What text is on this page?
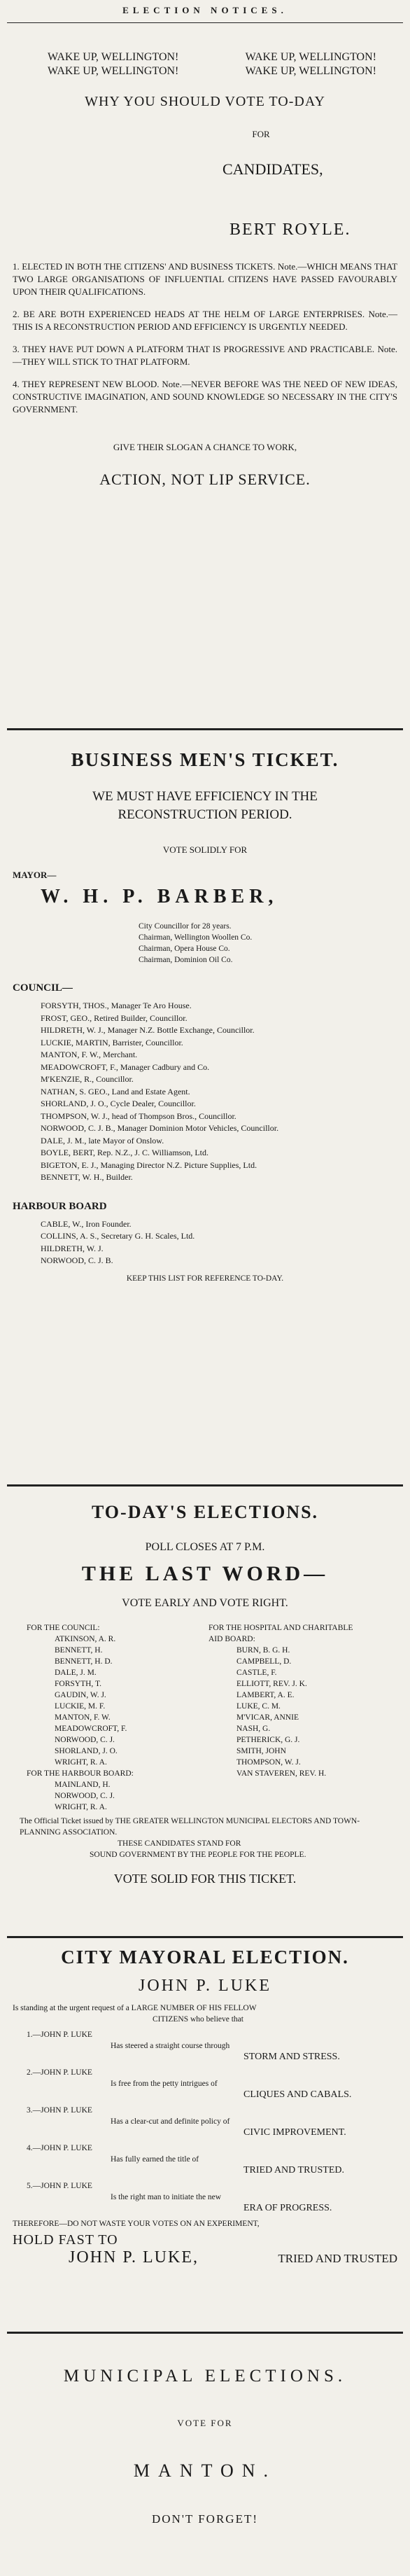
ELECTION NOTICES.

WAKE UP, WELLINGTON!

WAKE UP, WELLINGTON!

WAKE UP, WELLINGTON!

WAKE UP, WELLINGTON!

WHY YOU SHOULD VOTE TO-DAY

FOR

CANDIDATES,

BERT ROYLE.

1. ELECTED IN BOTH THE CITIZENS' AND BUSINESS TICKETS. Note.—WHICH MEANS THAT TWO LARGE ORGANISATIONS OF INFLUENTIAL CITIZENS HAVE PASSED FAVOURABLY UPON THEIR QUALIFICATIONS.

2. BE ARE BOTH EXPERIENCED HEADS AT THE HELM OF LARGE ENTERPRISES. Note.—THIS IS A RECONSTRUCTION PERIOD AND EFFICIENCY IS URGENTLY NEEDED.

3. THEY HAVE PUT DOWN A PLATFORM THAT IS PROGRESSIVE AND PRACTICABLE. Note.—THEY WILL STICK TO THAT PLATFORM.

4. THEY REPRESENT NEW BLOOD. Note.—NEVER BEFORE WAS THE NEED OF NEW IDEAS, CONSTRUCTIVE IMAGINATION, AND SOUND KNOWLEDGE SO NECESSARY IN THE CITY'S GOVERNMENT.

GIVE THEIR SLOGAN A CHANCE TO WORK,

ACTION, NOT LIP SERVICE.

BUSINESS MEN'S TICKET.

WE MUST HAVE EFFICIENCY IN THE RECONSTRUCTION PERIOD.

VOTE SOLIDLY FOR

MAYOR—

W. H. P. BARBER,

City Councillor for 28 years.

Chairman, Wellington Woollen Co.

Chairman, Opera House Co.

Chairman, Dominion Oil Co.

COUNCIL—

FORSYTH, THOS., Manager Te Aro House.

FROST, GEO., Retired Builder, Councillor.

HILDRETH, W. J., Manager N.Z. Bottle Exchange, Councillor.

LUCKIE, MARTIN, Barrister, Councillor.

MANTON, F. W., Merchant.

MEADOWCROFT, F., Manager Cadbury and Co.

M'KENZIE, R., Councillor.

NATHAN, S. GEO., Land and Estate Agent.

SHORLAND, J. O., Cycle Dealer, Councillor.

THOMPSON, W. J., head of Thompson Bros., Councillor.

NORWOOD, C. J. B., Manager Dominion Motor Vehicles, Councillor.

DALE, J. M., late Mayor of Onslow.

BOYLE, BERT, Rep. N.Z., J. C. Williamson, Ltd.

BIGETON, E. J., Managing Director N.Z. Picture Supplies, Ltd.

BENNETT, W. H., Builder.

HARBOUR BOARD

CABLE, W., Iron Founder.

COLLINS, A. S., Secretary G. H. Scales, Ltd.

HILDRETH, W. J.

NORWOOD, C. J. B.

KEEP THIS LIST FOR REFERENCE TO-DAY.

TO-DAY'S ELECTIONS.

POLL CLOSES AT 7 P.M.

THE LAST WORD—

VOTE EARLY AND VOTE RIGHT.

FOR THE COUNCIL:

ATKINSON, A. R.

BENNETT, H.

BENNETT, H. D.

DALE, J. M.

FORSYTH, T.

GAUDIN, W. J.

LUCKIE, M. F.

MANTON, F. W.

MEADOWCROFT, F.

NORWOOD, C. J.

SHORLAND, J. O.

WRIGHT, R. A.

FOR THE HARBOUR BOARD:

MAINLAND, H.

NORWOOD, C. J.

WRIGHT, R. A.

FOR THE HOSPITAL AND CHARITABLE AID BOARD:

BURN, B. G. H.

CAMPBELL, D.

CASTLE, F.

ELLIOTT, REV. J. K.

LAMBERT, A. E.

LUKE, C. M.

M'VICAR, ANNIE

NASH, G.

PETHERICK, G. J.

SMITH, JOHN

THOMPSON, W. J.

VAN STAVEREN, REV. H.

The Official Ticket issued by THE GREATER WELLINGTON MUNICIPAL ELECTORS AND TOWN-PLANNING ASSOCIATION.

THESE CANDIDATES STAND FOR

SOUND GOVERNMENT BY THE PEOPLE FOR THE PEOPLE.

VOTE SOLID FOR THIS TICKET.

CITY MAYORAL ELECTION.

JOHN P. LUKE

Is standing at the urgent request of a LARGE NUMBER OF HIS FELLOW

CITIZENS who believe that

1.—JOHN P. LUKE

Has steered a straight course through

STORM AND STRESS.

2.—JOHN P. LUKE

Is free from the petty intrigues of

CLIQUES AND CABALS.

3.—JOHN P. LUKE

Has a clear-cut and definite policy of

CIVIC IMPROVEMENT.

4.—JOHN P. LUKE

Has fully earned the title of

TRIED AND TRUSTED.

5.—JOHN P. LUKE

Is the right man to initiate the new

ERA OF PROGRESS.

THEREFORE—DO NOT WASTE YOUR VOTES ON AN EXPERIMENT,

HOLD FAST TO

JOHN P. LUKE,	TRIED AND TRUSTED

MUNICIPAL ELECTIONS.

VOTE FOR

MANTON.

DON'T FORGET!
